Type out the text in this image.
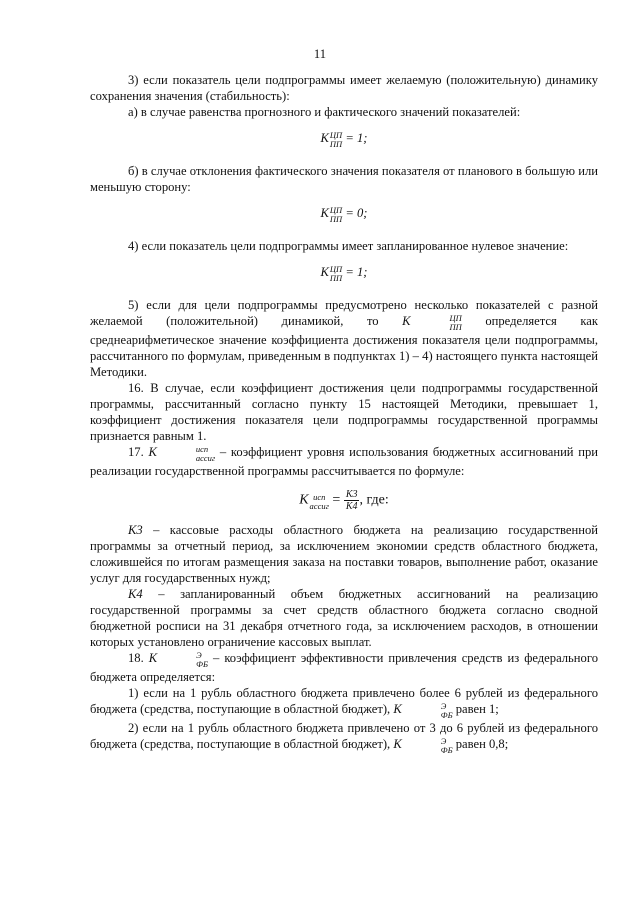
11

3) если показатель цели подпрограммы имеет желаемую (положительную) динамику сохранения значения (стабильность):

а) в случае равенства прогнозного и фактического значений показателей:

К ЦП
ПП = 1;

б) в случае отклонения фактического значения показателя от планового в большую или меньшую сторону:

К ЦП
ПП = 0;

4) если показатель цели подпрограммы имеет запланированное нулевое значение:

К ЦП
ПП = 1;

5) если для цели подпрограммы предусмотрено несколько показателей с разной желаемой (положительной) динамикой, то К	ЦП
ПП определяется как среднеарифметическое значение коэффициента достижения показателя цели подпрограммы, рассчитанного по формулам, приведенным в подпунктах 1) – 4) настоящего пункта настоящей Методики.

16. В случае, если коэффициент достижения цели подпрограммы государственной программы, рассчитанный согласно пункту 15 настоящей Методики, превышает 1, коэффициент достижения показателя цели подпрограммы государственной программы признается равным 1.

17. К	исп
ассиг – коэффициент уровня использования бюджетных ассигнований при реализации государственной программы рассчитывается по формуле:

К исп
ассиг = $\frac{К3}{К4}$ , где:

К3 – кассовые расходы областного бюджета на реализацию государственной программы за отчетный период, за исключением экономии средств областного бюджета, сложившейся по итогам размещения заказа на поставки товаров, выполнение работ, оказание услуг для государственных нужд;

К4 – запланированный объем бюджетных ассигнований на реализацию государственной программы за счет средств областного бюджета согласно сводной бюджетной росписи на 31 декабря отчетного года, за исключением расходов, в отношении которых установлено ограничение кассовых выплат.

18. К	Э
ФБ – коэффициент эффективности привлечения средств из федерального бюджета определяется:

1) если на 1 рубль областного бюджета привлечено более 6 рублей из федерального бюджета (средства, поступающие в областной бюджет), К	Э
ФБ равен 1;

2) если на 1 рубль областного бюджета привлечено от 3 до 6 рублей из федерального бюджета (средства, поступающие в областной бюджет), К	Э
ФБ равен 0,8;
